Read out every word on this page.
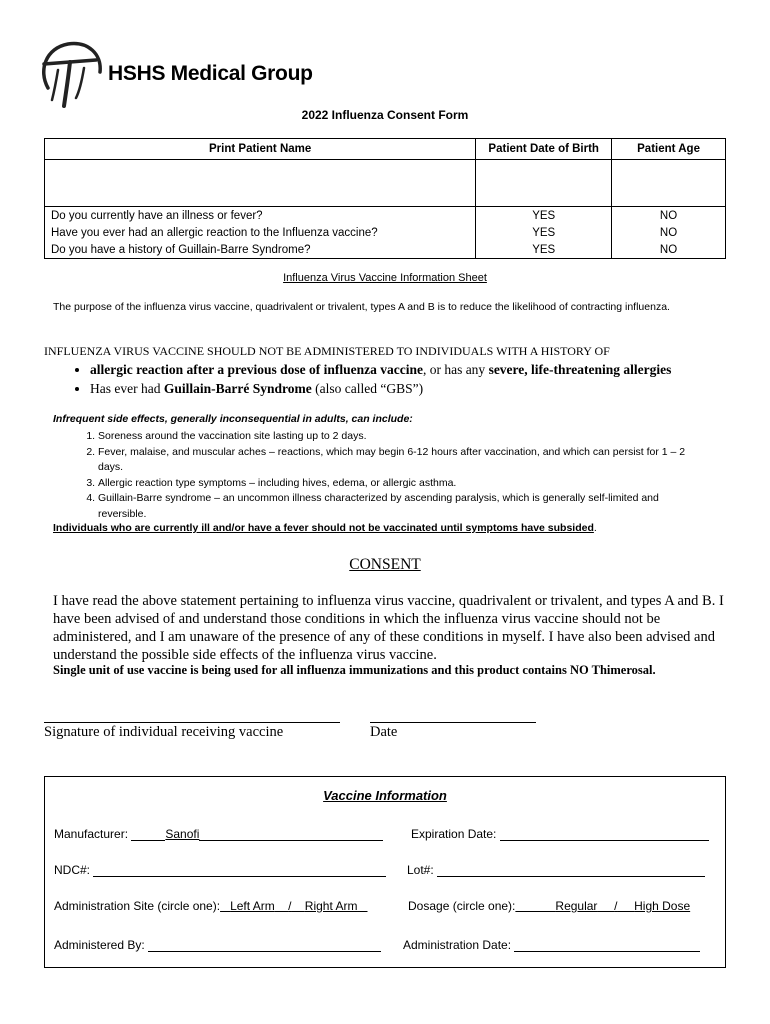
HSHS Medical Group
2022 Influenza Consent Form
Print Patient Name	Patient Date of Birth	Patient Age

Do you currently have an illness or fever?	YES	NO
Have you ever had an allergic reaction to the Influenza vaccine?	YES	NO
Do you have a history of Guillain-Barre Syndrome?	YES	NO
Influenza Virus Vaccine Information Sheet
The purpose of the influenza virus vaccine, quadrivalent or trivalent, types A and B is to reduce the likelihood of contracting influenza.
INFLUENZA VIRUS VACCINE SHOULD NOT BE ADMINISTERED TO INDIVIDUALS WITH A HISTORY OF
• allergic reaction after a previous dose of influenza vaccine, or has any severe, life-threatening allergies
• Has ever had Guillain-Barré Syndrome (also called “GBS”)
Infrequent side effects, generally inconsequential in adults, can include:
1. Soreness around the vaccination site lasting up to 2 days.
2. Fever, malaise, and muscular aches – reactions, which may begin 6-12 hours after vaccination, and which can persist for 1 – 2 days.
3. Allergic reaction type symptoms – including hives, edema, or allergic asthma.
4. Guillain-Barre syndrome – an uncommon illness characterized by ascending paralysis, which is generally self-limited and reversible.
Individuals who are currently ill and/or have a fever should not be vaccinated until symptoms have subsided.
CONSENT
I have read the above statement pertaining to influenza virus vaccine, quadrivalent or trivalent, and types A and B. I have been advised of and understand those conditions in which the influenza virus vaccine should not be administered, and I am unaware of the presence of any of these conditions in myself. I have also been advised and understand the possible side effects of the influenza virus vaccine.
Single unit of use vaccine is being used for all influenza immunizations and this product contains NO Thimerosal.
Signature of individual receiving vaccine	Date
Vaccine Information
Manufacturer:	Sanofi	Expiration Date:
NDC#:	Lot#:
Administration Site (circle one): Left Arm / Right Arm	Dosage (circle one):	Regular / High Dose
Administered By:	Administration Date:
